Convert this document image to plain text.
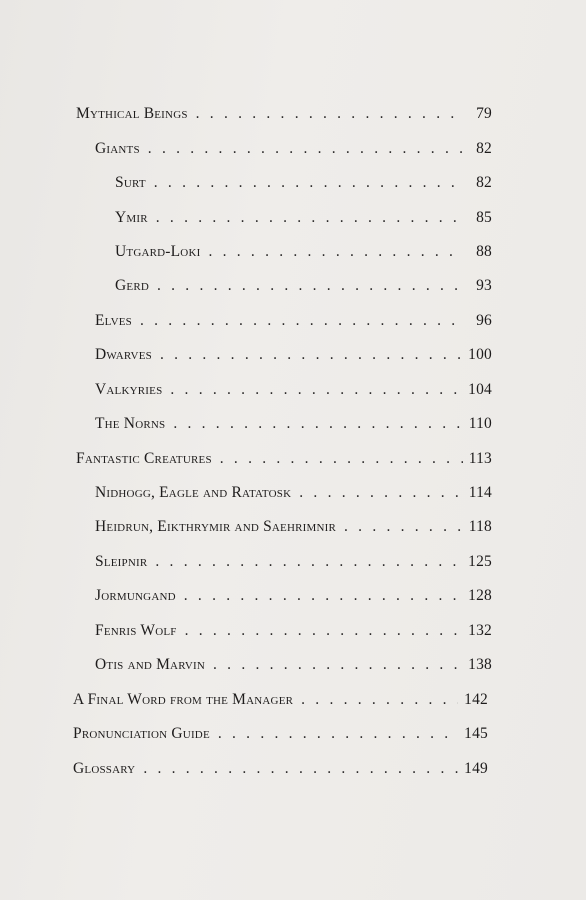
Mythical Beings . . .	79
Giants . . .	82
Surt . . .	82
Ymir . . .	85
Utgard-Loki . . .	88
Gerd . . .	93
Elves . . .	96
Dwarves . . .	100
Valkyries . . .	104
The Norns . . .	110
Fantastic Creatures . . .	113
Nidhogg, Eagle and Ratatosk . . .	114
Heidrun, Eikthrymir and Saehrimnir . . .	118
Sleipnir . . .	125
Jormungand . . .	128
Fenris Wolf . . .	132
Otis and Marvin . . .	138
A Final Word from the Manager . . .	142
Pronunciation Guide . . .	145
Glossary . . .	149
